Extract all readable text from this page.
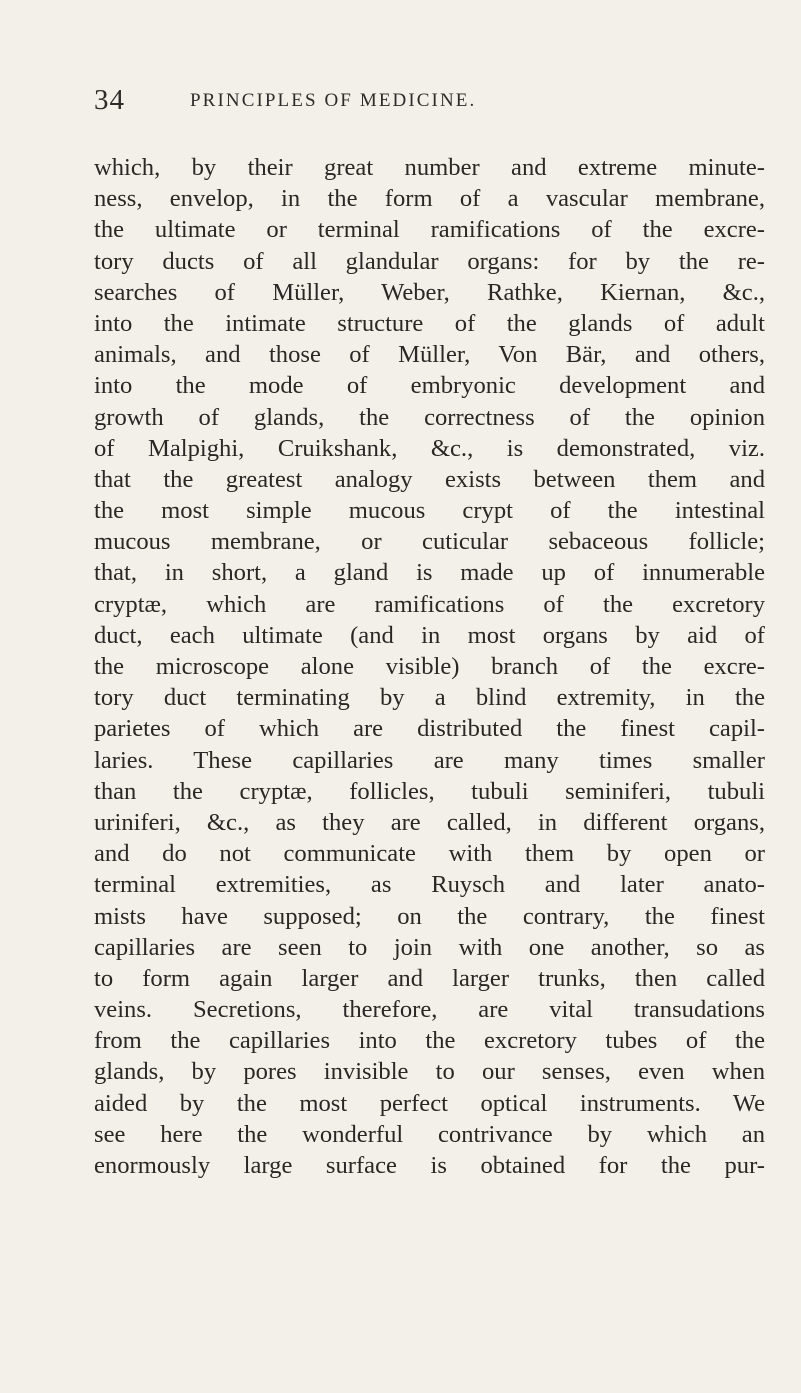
34	PRINCIPLES OF MEDICINE.
which, by their great number and extreme minute-
ness, envelop, in the form of a vascular membrane,
the ultimate or terminal ramifications of the excre-
tory ducts of all glandular organs: for by the re-
searches of Müller, Weber, Rathke, Kiernan, &c.,
into the intimate structure of the glands of adult
animals, and those of Müller, Von Bär, and others,
into the mode of embryonic development and
growth of glands, the correctness of the opinion
of Malpighi, Cruikshank, &c., is demonstrated, viz.
that the greatest analogy exists between them and
the most simple mucous crypt of the intestinal
mucous membrane, or cuticular sebaceous follicle;
that, in short, a gland is made up of innumerable
cryptæ, which are ramifications of the excretory
duct, each ultimate (and in most organs by aid of
the microscope alone visible) branch of the excre-
tory duct terminating by a blind extremity, in the
parietes of which are distributed the finest capil-
laries. These capillaries are many times smaller
than the cryptæ, follicles, tubuli seminiferi, tubuli
uriniferi, &c., as they are called, in different organs,
and do not communicate with them by open or
terminal extremities, as Ruysch and later anato-
mists have supposed; on the contrary, the finest
capillaries are seen to join with one another, so as
to form again larger and larger trunks, then called
veins. Secretions, therefore, are vital transudations
from the capillaries into the excretory tubes of the
glands, by pores invisible to our senses, even when
aided by the most perfect optical instruments. We
see here the wonderful contrivance by which an
enormously large surface is obtained for the pur-
